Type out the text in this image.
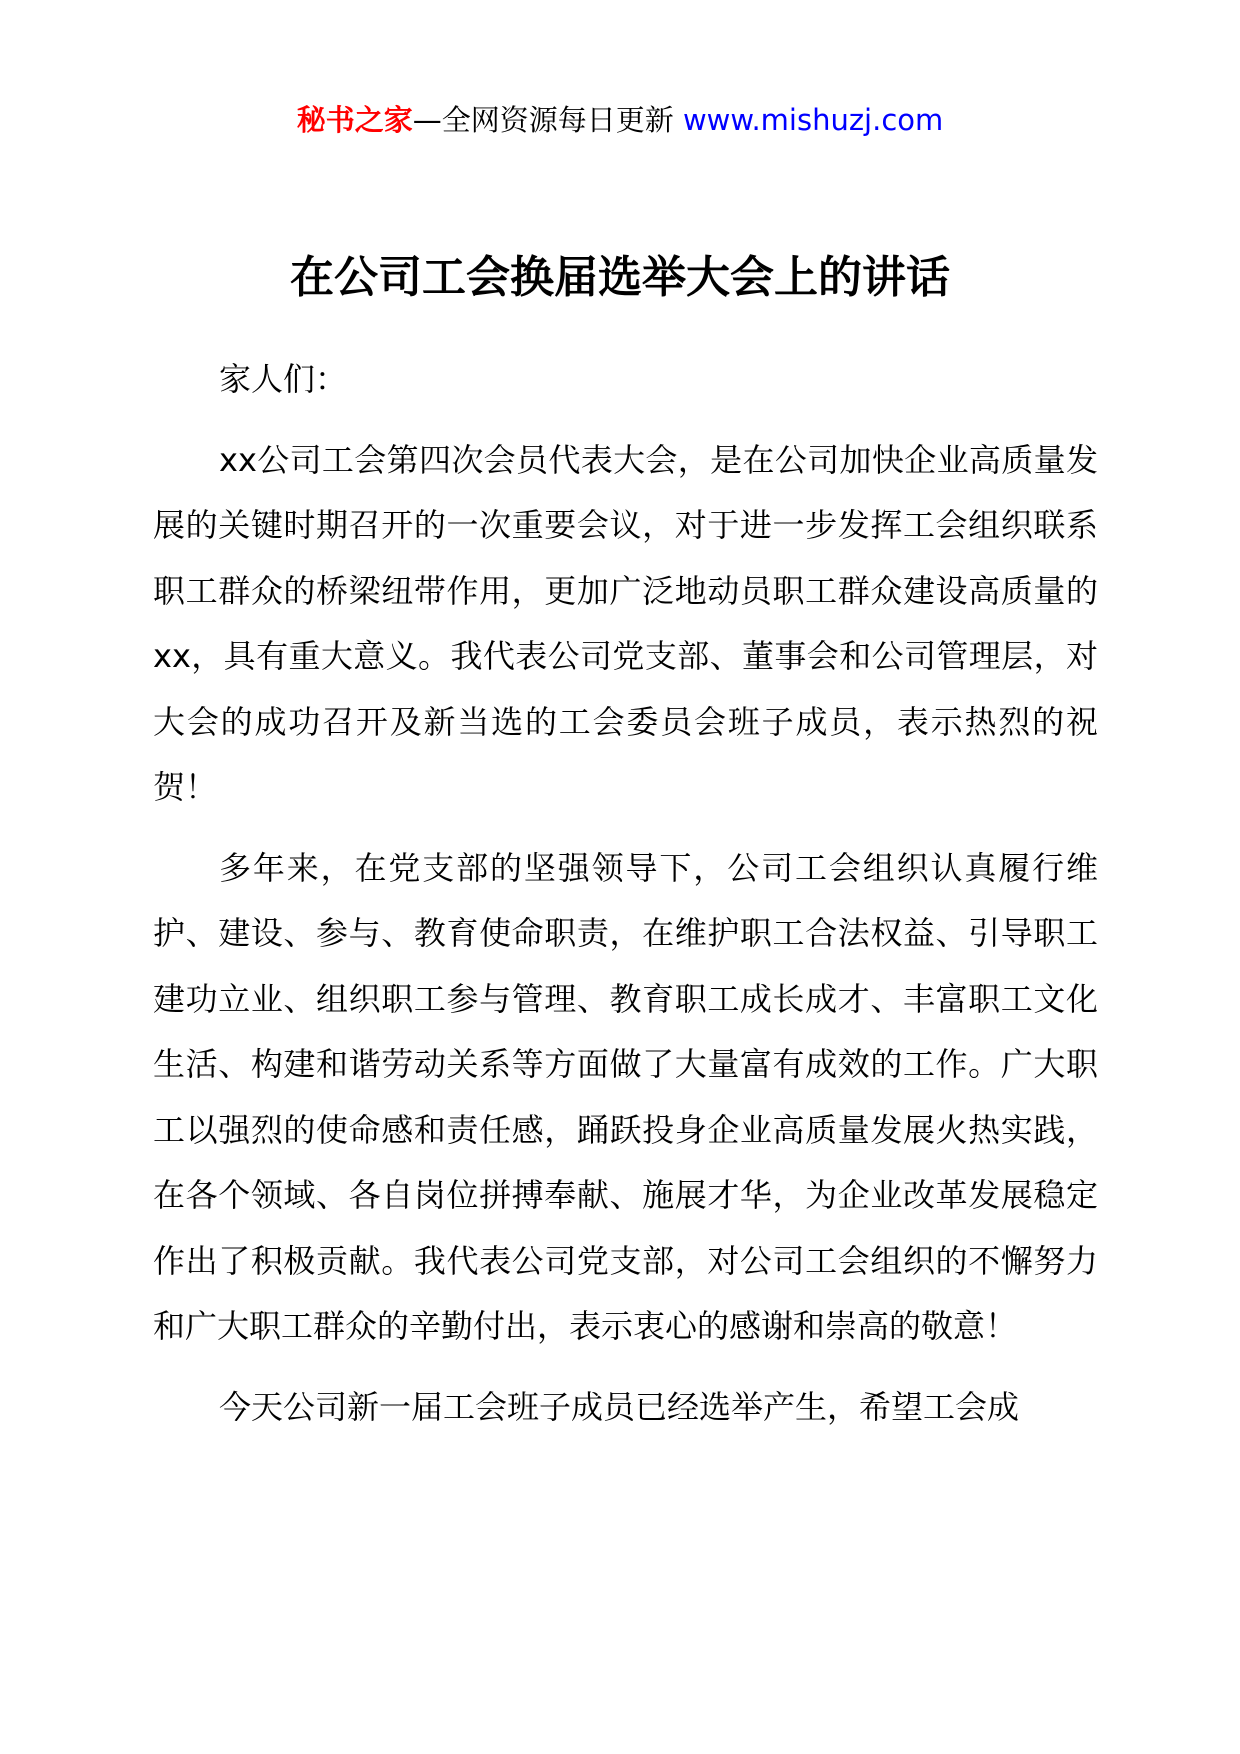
秘书之家—全网资源每日更新 www.mishuzj.com
在公司工会换届选举大会上的讲话
家人们：

xx公司工会第四次会员代表大会，是在公司加快企业高质量发展的关键时期召开的一次重要会议，对于进一步发挥工会组织联系职工群众的桥梁纽带作用，更加广泛地动员职工群众建设高质量的xx，具有重大意义。我代表公司党支部、董事会和公司管理层，对大会的成功召开及新当选的工会委员会班子成员，表示热烈的祝贺！

多年来，在党支部的坚强领导下，公司工会组织认真履行维护、建设、参与、教育使命职责，在维护职工合法权益、引导职工建功立业、组织职工参与管理、教育职工成长成才、丰富职工文化生活、构建和谐劳动关系等方面做了大量富有成效的工作。广大职工以强烈的使命感和责任感，踊跃投身企业高质量发展火热实践，在各个领域、各自岗位拼搏奉献、施展才华，为企业改革发展稳定作出了积极贡献。我代表公司党支部，对公司工会组织的不懈努力和广大职工群众的辛勤付出，表示衷心的感谢和崇高的敬意！

今天公司新一届工会班子成员已经选举产生，希望工会成
